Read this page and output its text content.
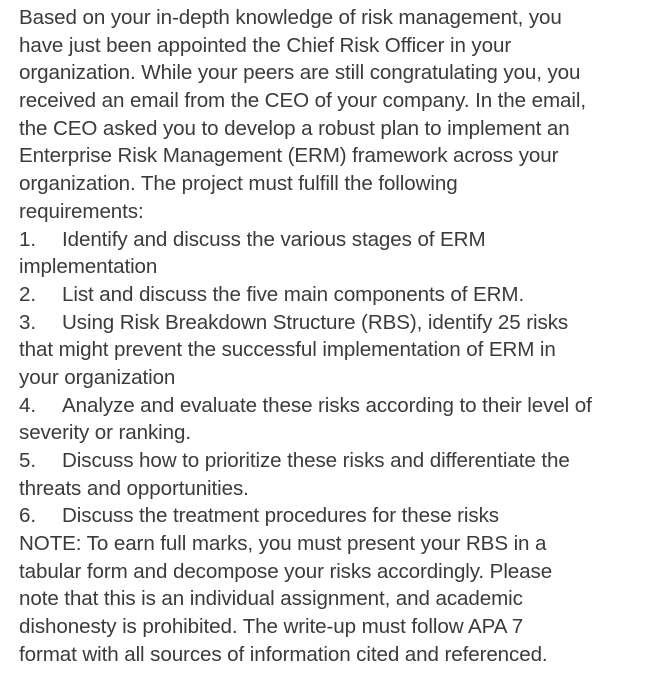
Based on your in-depth knowledge of risk management, you
have just been appointed the Chief Risk Officer in your
organization. While your peers are still congratulating you, you
received an email from the CEO of your company. In the email,
the CEO asked you to develop a robust plan to implement an
Enterprise Risk Management (ERM) framework across your
organization. The project must fulfill the following
requirements:
1. Identify and discuss the various stages of ERM
implementation
2. List and discuss the five main components of ERM.
3. Using Risk Breakdown Structure (RBS), identify 25 risks
that might prevent the successful implementation of ERM in
your organization
4. Analyze and evaluate these risks according to their level of
severity or ranking.
5. Discuss how to prioritize these risks and differentiate the
threats and opportunities.
6. Discuss the treatment procedures for these risks
NOTE: To earn full marks, you must present your RBS in a
tabular form and decompose your risks accordingly. Please
note that this is an individual assignment, and academic
dishonesty is prohibited. The write-up must follow APA 7
format with all sources of information cited and referenced.
